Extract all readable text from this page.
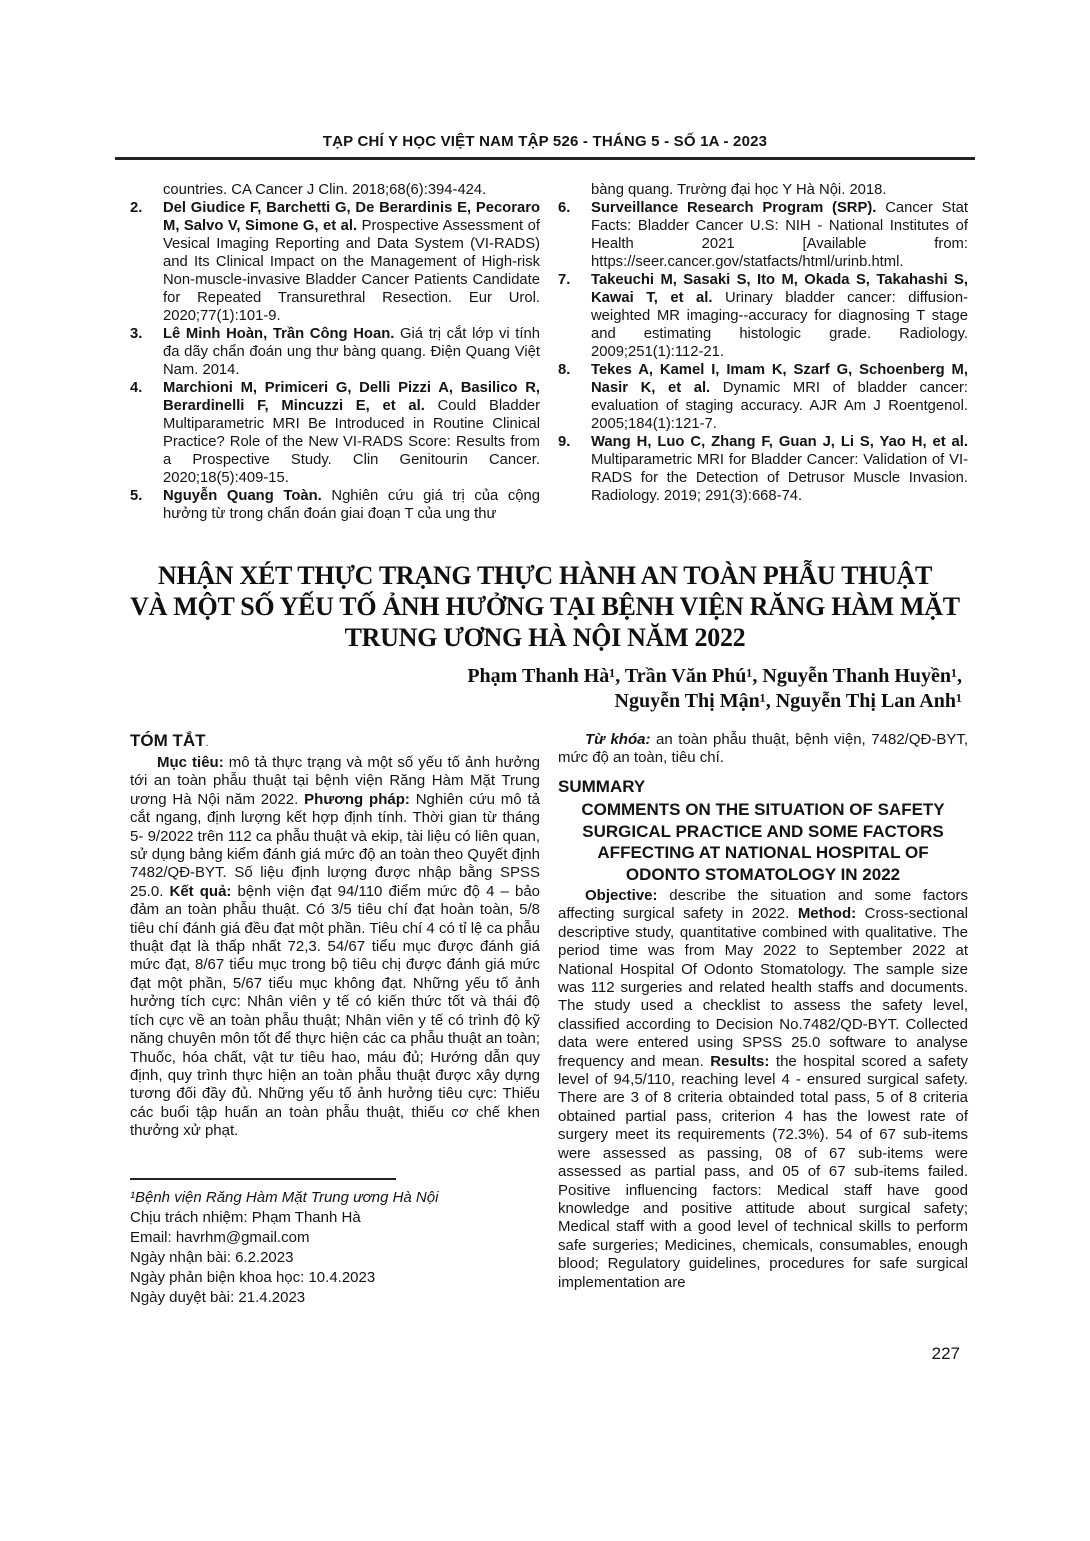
TẠP CHÍ Y HỌC VIỆT NAM TẬP 526 - THÁNG 5 - SỐ 1A - 2023
countries. CA Cancer J Clin. 2018;68(6):394-424.
2.	Del Giudice F, Barchetti G, De Berardinis E, Pecoraro M, Salvo V, Simone G, et al. Prospective Assessment of Vesical Imaging Reporting and Data System (VI-RADS) and Its Clinical Impact on the Management of High-risk Non-muscle-invasive Bladder Cancer Patients Candidate for Repeated Transurethral Resection. Eur Urol. 2020;77(1):101-9.
3.	Lê Minh Hoàn, Trần Công Hoan. Giá trị cắt lớp vi tính đa dãy chẩn đoán ung thư bàng quang. Điện Quang Việt Nam. 2014.
4.	Marchioni M, Primiceri G, Delli Pizzi A, Basilico R, Berardinelli F, Mincuzzi E, et al. Could Bladder Multiparametric MRI Be Introduced in Routine Clinical Practice? Role of the New VI-RADS Score: Results from a Prospective Study. Clin Genitourin Cancer. 2020;18(5):409-15.
5.	Nguyễn Quang Toàn. Nghiên cứu giá trị của cộng hưởng từ trong chẩn đoán giai đoạn T của ung thư
bàng quang. Trường đại học Y Hà Nội. 2018.
6.	Surveillance Research Program (SRP). Cancer Stat Facts: Bladder Cancer U.S: NIH - National Institutes of Health 2021 [Available from: https://seer.cancer.gov/statfacts/html/urinb.html.
7.	Takeuchi M, Sasaki S, Ito M, Okada S, Takahashi S, Kawai T, et al. Urinary bladder cancer: diffusion-weighted MR imaging--accuracy for diagnosing T stage and estimating histologic grade. Radiology. 2009;251(1):112-21.
8.	Tekes A, Kamel I, Imam K, Szarf G, Schoenberg M, Nasir K, et al. Dynamic MRI of bladder cancer: evaluation of staging accuracy. AJR Am J Roentgenol. 2005;184(1):121-7.
9.	Wang H, Luo C, Zhang F, Guan J, Li S, Yao H, et al. Multiparametric MRI for Bladder Cancer: Validation of VI-RADS for the Detection of Detrusor Muscle Invasion. Radiology. 2019; 291(3):668-74.
NHẬN XÉT THỰC TRẠNG THỰC HÀNH AN TOÀN PHẪU THUẬT
VÀ MỘT SỐ YẾU TỐ ẢNH HƯỞNG TẠI BỆNH VIỆN RĂNG HÀM MẶT
TRUNG ƯƠNG HÀ NỘI NĂM 2022
Phạm Thanh Hà¹, Trần Văn Phú¹, Nguyễn Thanh Huyền¹,
Nguyễn Thị Mận¹, Nguyễn Thị Lan Anh¹
TÓM TẮT.

Mục tiêu: mô tả thực trạng và một số yếu tố ảnh hưởng tới an toàn phẫu thuật tại bệnh viện Răng Hàm Mặt Trung ương Hà Nội năm 2022. Phương pháp: Nghiên cứu mô tả cắt ngang, định lượng kết hợp định tính. Thời gian từ tháng 5- 9/2022 trên 112 ca phẫu thuật và ekip, tài liệu có liên quan, sử dụng bảng kiểm đánh giá mức độ an toàn theo Quyết định 7482/QĐ-BYT. Số liệu định lượng được nhập bằng SPSS 25.0. Kết quả: bệnh viện đạt 94/110 điểm mức độ 4 – bảo đảm an toàn phẫu thuật. Có 3/5 tiêu chí đạt hoàn toàn, 5/8 tiêu chí đánh giá đều đạt một phần. Tiêu chí 4 có tỉ lệ ca phẫu thuật đạt là thấp nhất 72,3. 54/67 tiểu mục được đánh giá mức đạt, 8/67 tiểu mục trong bộ tiêu chị được đánh giá mức đạt một phần, 5/67 tiểu mục không đạt. Những yếu tố ảnh hưởng tích cực: Nhân viên y tế có kiến thức tốt và thái độ tích cực về an toàn phẫu thuật; Nhân viên y tế có trình độ kỹ năng chuyên môn tốt để thực hiện các ca phẫu thuật an toàn; Thuốc, hóa chất, vật tư tiêu hao, máu đủ; Hướng dẫn quy định, quy trình thực hiện an toàn phẫu thuật được xây dựng tương đối đầy đủ. Những yếu tố ảnh hưởng tiêu cực: Thiếu các buổi tập huấn an toàn phẫu thuật, thiếu cơ chế khen thưởng xử phạt.

¹Bệnh viện Răng Hàm Mặt Trung ương Hà Nội
Chịu trách nhiệm: Phạm Thanh Hà
Email: havrhm@gmail.com
Ngày nhận bài: 6.2.2023
Ngày phản biện khoa học: 10.4.2023
Ngày duyệt bài: 21.4.2023

Từ khóa: an toàn phẫu thuật, bệnh viện, 7482/QĐ-BYT, mức độ an toàn, tiêu chí.

SUMMARY
COMMENTS ON THE SITUATION OF SAFETY
SURGICAL PRACTICE AND SOME FACTORS
AFFECTING AT NATIONAL HOSPITAL OF
ODONTO STOMATOLOGY IN 2022

Objective: describe the situation and some factors affecting surgical safety in 2022. Method: Cross-sectional descriptive study, quantitative combined with qualitative. The period time was from May 2022 to September 2022 at National Hospital Of Odonto Stomatology. The sample size was 112 surgeries and related health staffs and documents. The study used a checklist to assess the safety level, classified according to Decision No.7482/QD-BYT. Collected data were entered using SPSS 25.0 software to analyse frequency and mean. Results: the hospital scored a safety level of 94,5/110, reaching level 4 - ensured surgical safety. There are 3 of 8 criteria obtainded total pass, 5 of 8 criteria obtained partial pass, criterion 4 has the lowest rate of surgery meet its requirements (72.3%). 54 of 67 sub-items were assessed as passing, 08 of 67 sub-items were assessed as partial pass, and 05 of 67 sub-items failed. Positive influencing factors: Medical staff have good knowledge and positive attitude about surgical safety; Medical staff with a good level of technical skills to perform safe surgeries; Medicines, chemicals, consumables, enough blood; Regulatory guidelines, procedures for safe surgical implementation are

227
